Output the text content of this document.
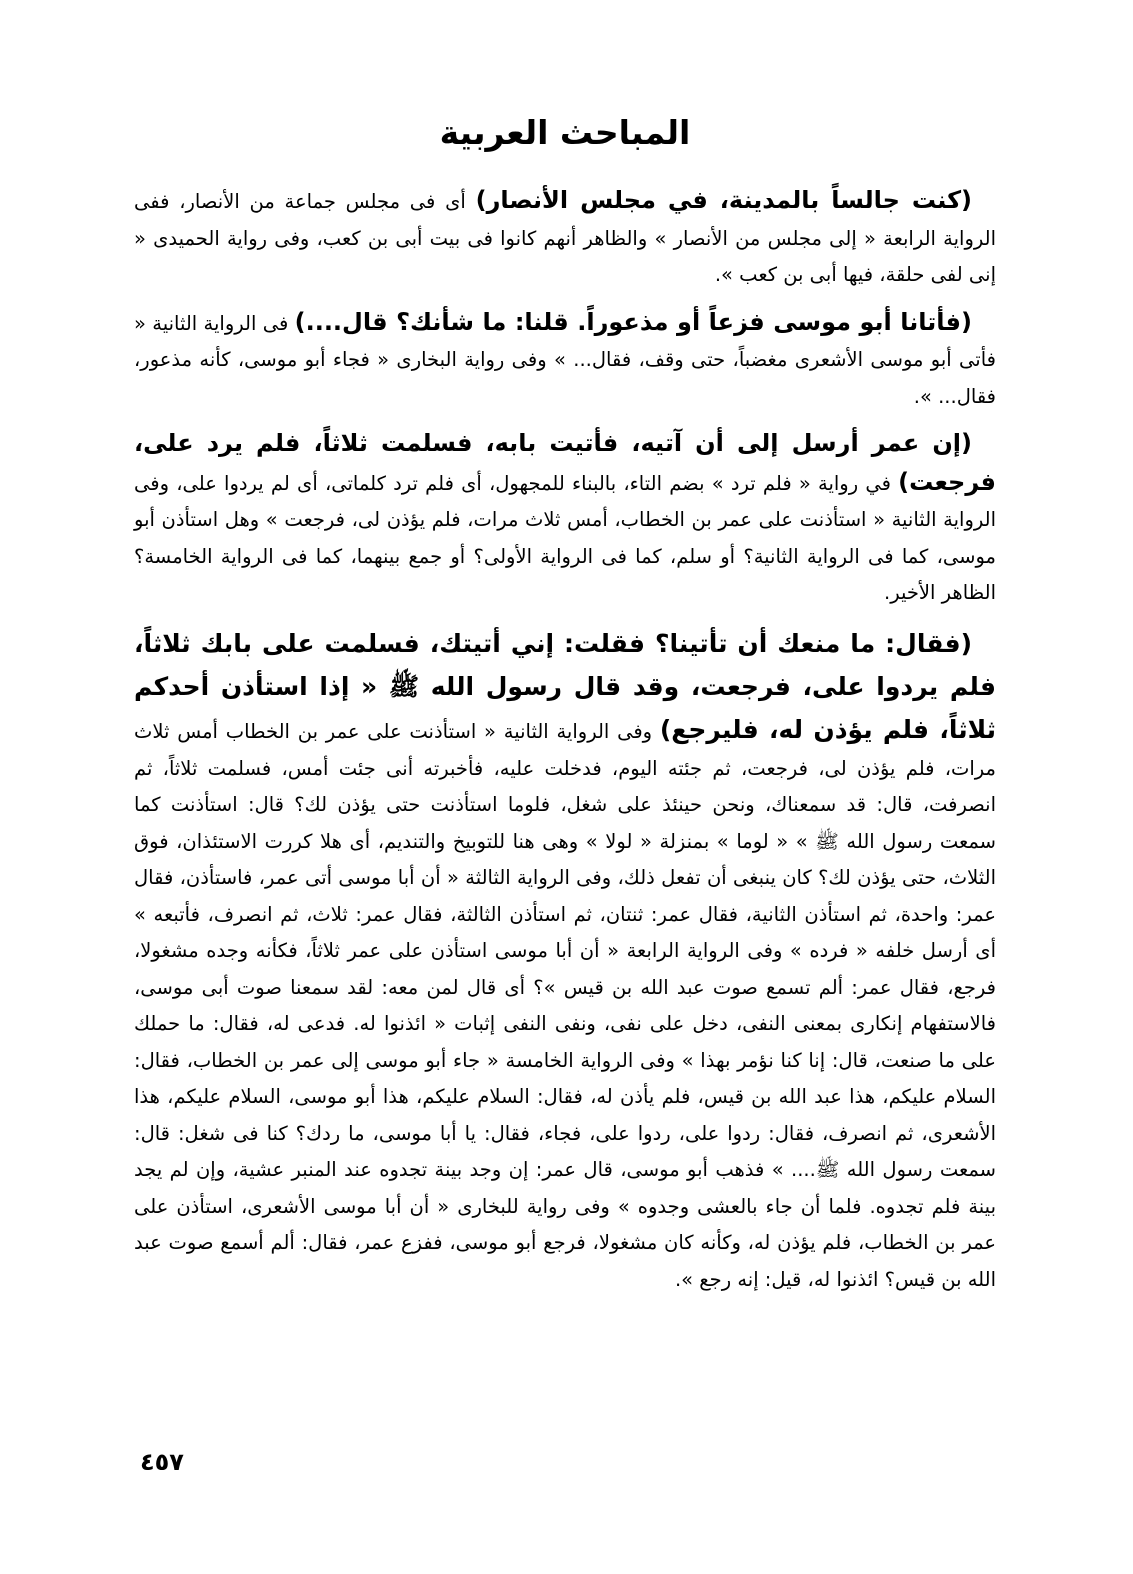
المباحث العربية

(كنت جالساً بالمدينة، في مجلس الأنصار) أى فى مجلس جماعة من الأنصار، ففى الرواية الرابعة « إلى مجلس من الأنصار » والظاهر أنهم كانوا فى بيت أبى بن كعب، وفى رواية الحميدى « إنى لفى حلقة، فيها أبى بن كعب ».

(فأتانا أبو موسى فزعاً أو مذعوراً. قلنا: ما شأنك؟ قال....) فى الرواية الثانية « فأتى أبو موسى الأشعرى مغضباً، حتى وقف، فقال... » وفى رواية البخارى « فجاء أبو موسى، كأنه مذعور، فقال... ».

(إن عمر أرسل إلى أن آتيه، فأتيت بابه، فسلمت ثلاثاً، فلم يرد على، فرجعت) في رواية « فلم ترد » بضم التاء، بالبناء للمجهول، أى فلم ترد كلماتى، أى لم يردوا على، وفى الرواية الثانية « استأذنت على عمر بن الخطاب، أمس ثلاث مرات، فلم يؤذن لى، فرجعت » وهل استأذن أبو موسى، كما فى الرواية الثانية؟ أو سلم، كما فى الرواية الأولى؟ أو جمع بينهما، كما فى الرواية الخامسة؟ الظاهر الأخير.

(فقال: ما منعك أن تأتينا؟ فقلت: إني أتيتك، فسلمت على بابك ثلاثاً، فلم يردوا على، فرجعت، وقد قال رسول الله ﷺ « إذا استأذن أحدكم ثلاثاً، فلم يؤذن له، فليرجع) وفى الرواية الثانية « استأذنت على عمر بن الخطاب أمس ثلاث مرات، فلم يؤذن لى، فرجعت، ثم جئته اليوم، فدخلت عليه، فأخبرته أنى جئت أمس، فسلمت ثلاثاً، ثم انصرفت، قال: قد سمعناك، ونحن حينئذ على شغل، فلوما استأذنت حتى يؤذن لك؟ قال: استأذنت كما سمعت رسول الله ﷺ » « لوما » بمنزلة « لولا » وهى هنا للتوبيخ والتنديم، أى هلا كررت الاستئذان، فوق الثلاث، حتى يؤذن لك؟ كان ينبغى أن تفعل ذلك، وفى الرواية الثالثة « أن أبا موسى أتى عمر، فاستأذن، فقال عمر: واحدة، ثم استأذن الثانية، فقال عمر: ثنتان، ثم استأذن الثالثة، فقال عمر: ثلاث، ثم انصرف، فأتبعه » أى أرسل خلفه « فرده » وفى الرواية الرابعة « أن أبا موسى استأذن على عمر ثلاثاً، فكأنه وجده مشغولا، فرجع، فقال عمر: ألم تسمع صوت عبد الله بن قيس »؟ أى قال لمن معه: لقد سمعنا صوت أبى موسى، فالاستفهام إنكارى بمعنى النفى، دخل على نفى، ونفى النفى إثبات « ائذنوا له. فدعى له، فقال: ما حملك على ما صنعت، قال: إنا كنا نؤمر بهذا » وفى الرواية الخامسة « جاء أبو موسى إلى عمر بن الخطاب، فقال: السلام عليكم، هذا عبد الله بن قيس، فلم يأذن له، فقال: السلام عليكم، هذا أبو موسى، السلام عليكم، هذا الأشعرى، ثم انصرف، فقال: ردوا على، ردوا على، فجاء، فقال: يا أبا موسى، ما ردك؟ كنا فى شغل: قال: سمعت رسول الله ﷺ.... » فذهب أبو موسى، قال عمر: إن وجد بينة تجدوه عند المنبر عشية، وإن لم يجد بينة فلم تجدوه. فلما أن جاء بالعشى وجدوه » وفى رواية للبخارى « أن أبا موسى الأشعرى، استأذن على عمر بن الخطاب، فلم يؤذن له، وكأنه كان مشغولا، فرجع أبو موسى، ففزع عمر، فقال: ألم أسمع صوت عبد الله بن قيس؟ ائذنوا له، قيل: إنه رجع ».

٤٥٧
